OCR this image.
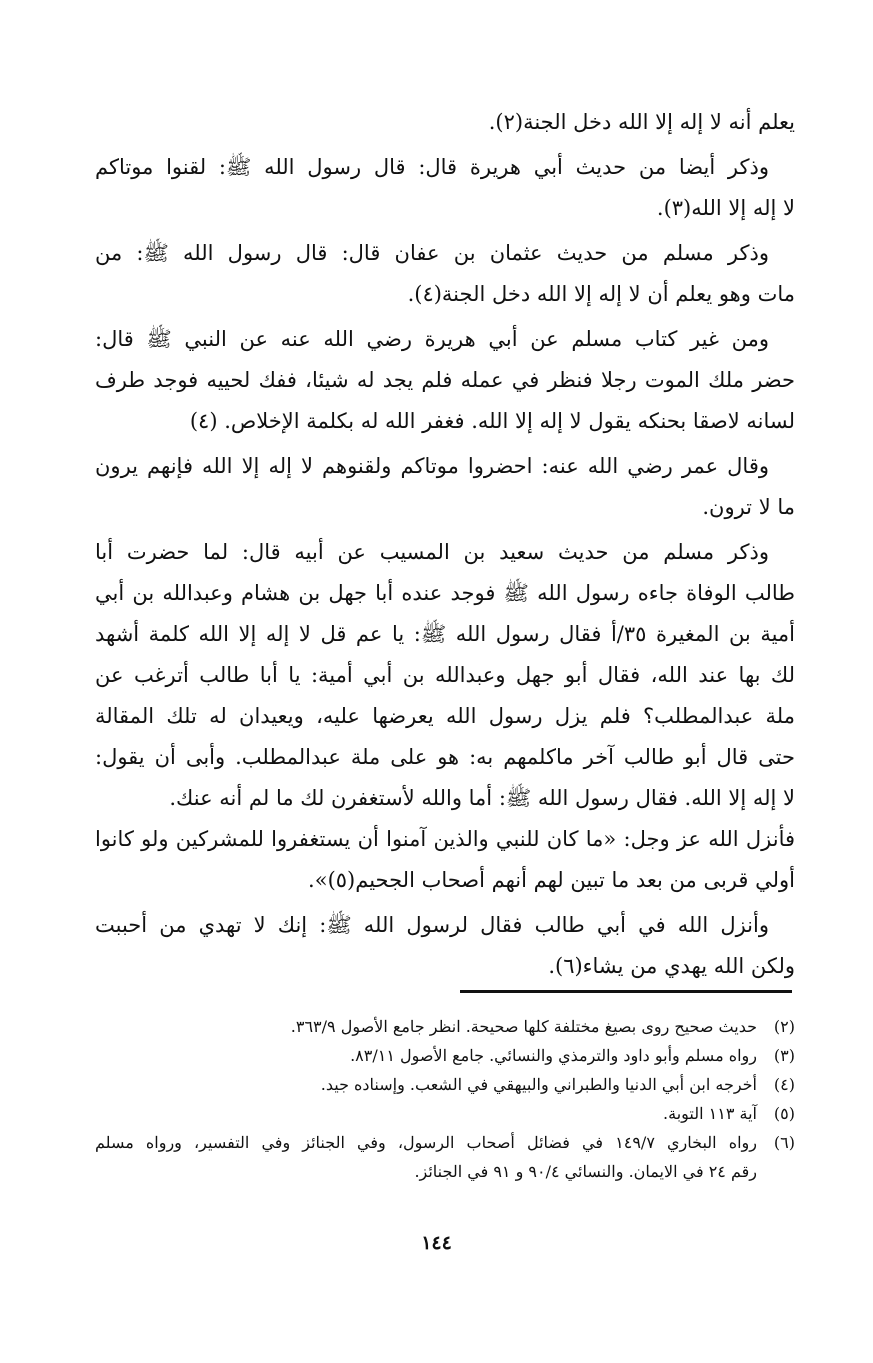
يعلم أنه لا إله إلا الله دخل الجنة(٢).
وذكر أيضا من حديث أبي هريرة قال: قال رسول الله ﷺ: لقنوا موتاكم
لا إله إلا الله(٣).
وذكر مسلم من حديث عثمان بن عفان قال: قال رسول الله ﷺ: من
مات وهو يعلم أن لا إله إلا الله دخل الجنة(٤).
ومن غير كتاب مسلم عن أبي هريرة رضي الله عنه عن النبي ﷺ قال:
حضر ملك الموت رجلا فنظر في عمله فلم يجد له شيئا، ففك لحييه فوجد طرف
لسانه لاصقا بحنكه يقول لا إله إلا الله. فغفر الله له بكلمة الإخلاص. (٤)
وقال عمر رضي الله عنه: احضروا موتاكم ولقنوهم لا إله إلا الله فإنهم يرون
ما لا ترون.
وذكر مسلم من حديث سعيد بن المسيب عن أبيه قال: لما حضرت أبا
طالب الوفاة جاءه رسول الله ﷺ فوجد عنده أبا جهل بن هشام وعبدالله بن أبي
أمية بن المغيرة ٣٥/أ فقال رسول الله ﷺ: يا عم قل لا إله إلا الله كلمة أشهد
لك بها عند الله، فقال أبو جهل وعبدالله بن أبي أمية: يا أبا طالب أترغب عن
ملة عبدالمطلب؟ فلم يزل رسول الله يعرضها عليه، ويعيدان له تلك المقالة
حتى قال أبو طالب آخر ماكلمهم به: هو على ملة عبدالمطلب. وأبى أن يقول:
لا إله إلا الله. فقال رسول الله ﷺ: أما والله لأستغفرن لك ما لم أنه عنك.
فأنزل الله عز وجل: «ما كان للنبي والذين آمنوا أن يستغفروا للمشركين ولو كانوا
أولي قربى من بعد ما تبين لهم أنهم أصحاب الجحيم(٥)».
وأنزل الله في أبي طالب فقال لرسول الله ﷺ: إنك لا تهدي من أحببت
ولكن الله يهدي من يشاء(٦).
(٢)
حديث صحيح روى بصيغ مختلفة كلها صحيحة. انظر جامع الأصول ٣٦٣/٩.
(٣)
رواه مسلم وأبو داود والترمذي والنسائي. جامع الأصول ٨٣/١١.
(٤)
أخرجه ابن أبي الدنيا والطبراني والبيهقي في الشعب. وإسناده جيد.
(٥)
آية ١١٣ التوبة.
(٦)
رواه البخاري ١٤٩/٧ في فضائل أصحاب الرسول، وفي الجنائز وفي التفسير، ورواه مسلم
رقم ٢٤ في الايمان. والنسائي ٩٠/٤ و ٩١ في الجنائز.
١٤٤
